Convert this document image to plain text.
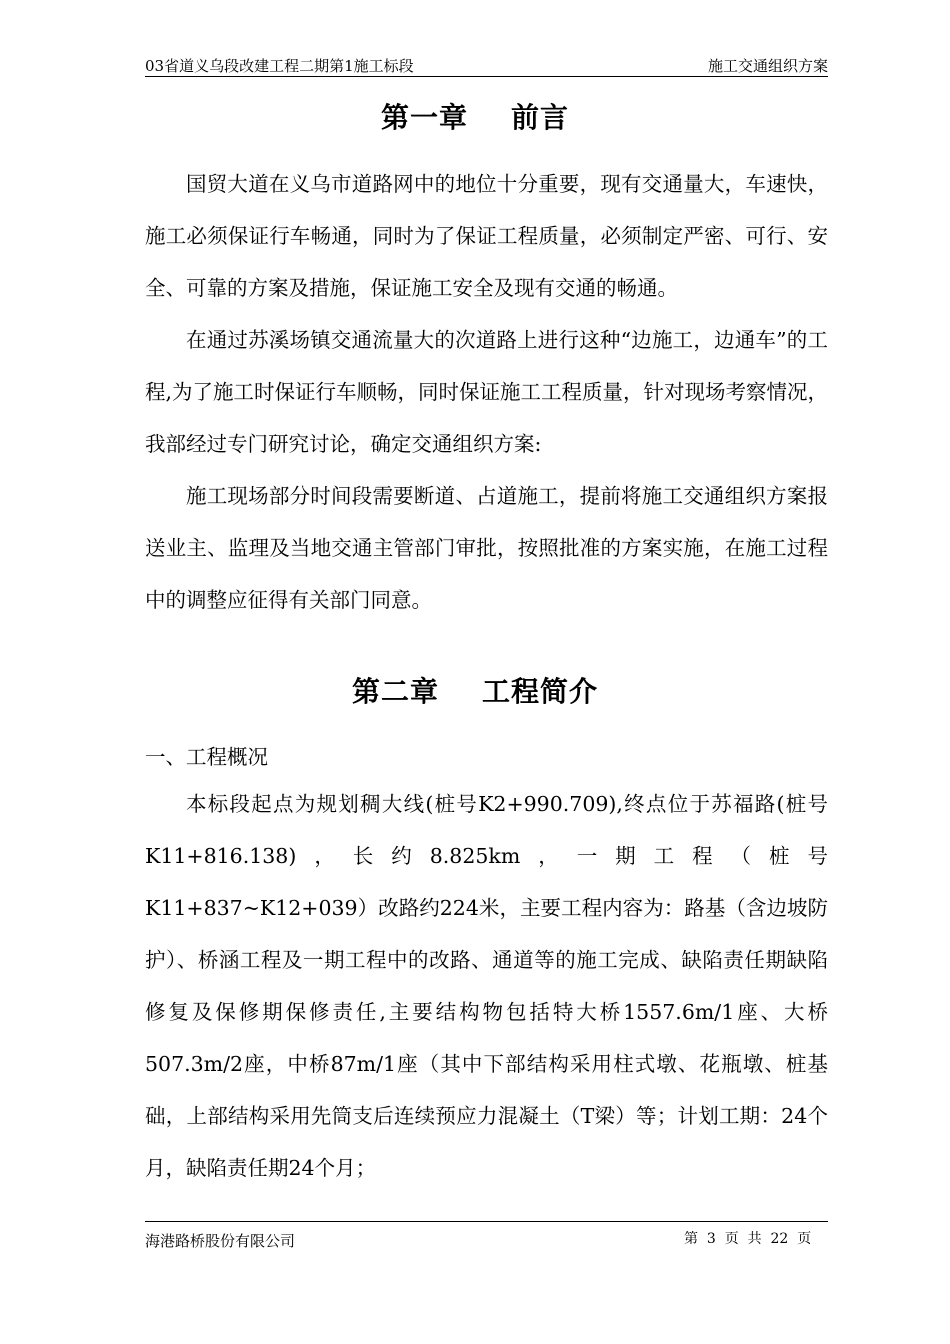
03省道义乌段改建工程二期第1施工标段	施工交通组织方案
第一章    前言

国贸大道在义乌市道路网中的地位十分重要，现有交通量大，车速快，施工必须保证行车畅通，同时为了保证工程质量，必须制定严密、可行、安全、可靠的方案及措施，保证施工安全及现有交通的畅通。

在通过苏溪场镇交通流量大的次道路上进行这种“边施工，边通车”的工程,为了施工时保证行车顺畅，同时保证施工工程质量，针对现场考察情况，我部经过专门研究讨论，确定交通组织方案:

施工现场部分时间段需要断道、占道施工，提前将施工交通组织方案报送业主、监理及当地交通主管部门审批，按照批准的方案实施，在施工过程中的调整应征得有关部门同意。

第二章    工程简介
一、工程概况

本标段起点为规划稠大线(桩号K2+990.709),终点位于苏福路(桩号K11+816.138)，长约8.825km，一期工程（桩号K11+837~K12+039）改路约224米，主要工程内容为：路基（含边坡防护）、桥涵工程及一期工程中的改路、通道等的施工完成、缺陷责任期缺陷修复及保修期保修责任,主要结构物包括特大桥1557.6m/1座、大桥507.3m/2座，中桥87m/1座（其中下部结构采用柱式墩、花瓶墩、桩基础，上部结构采用先筒支后连续预应力混凝土（T梁）等；计划工期：24个月，缺陷责任期24个月；

海港路桥股份有限公司	第  3  页  共  22  页
